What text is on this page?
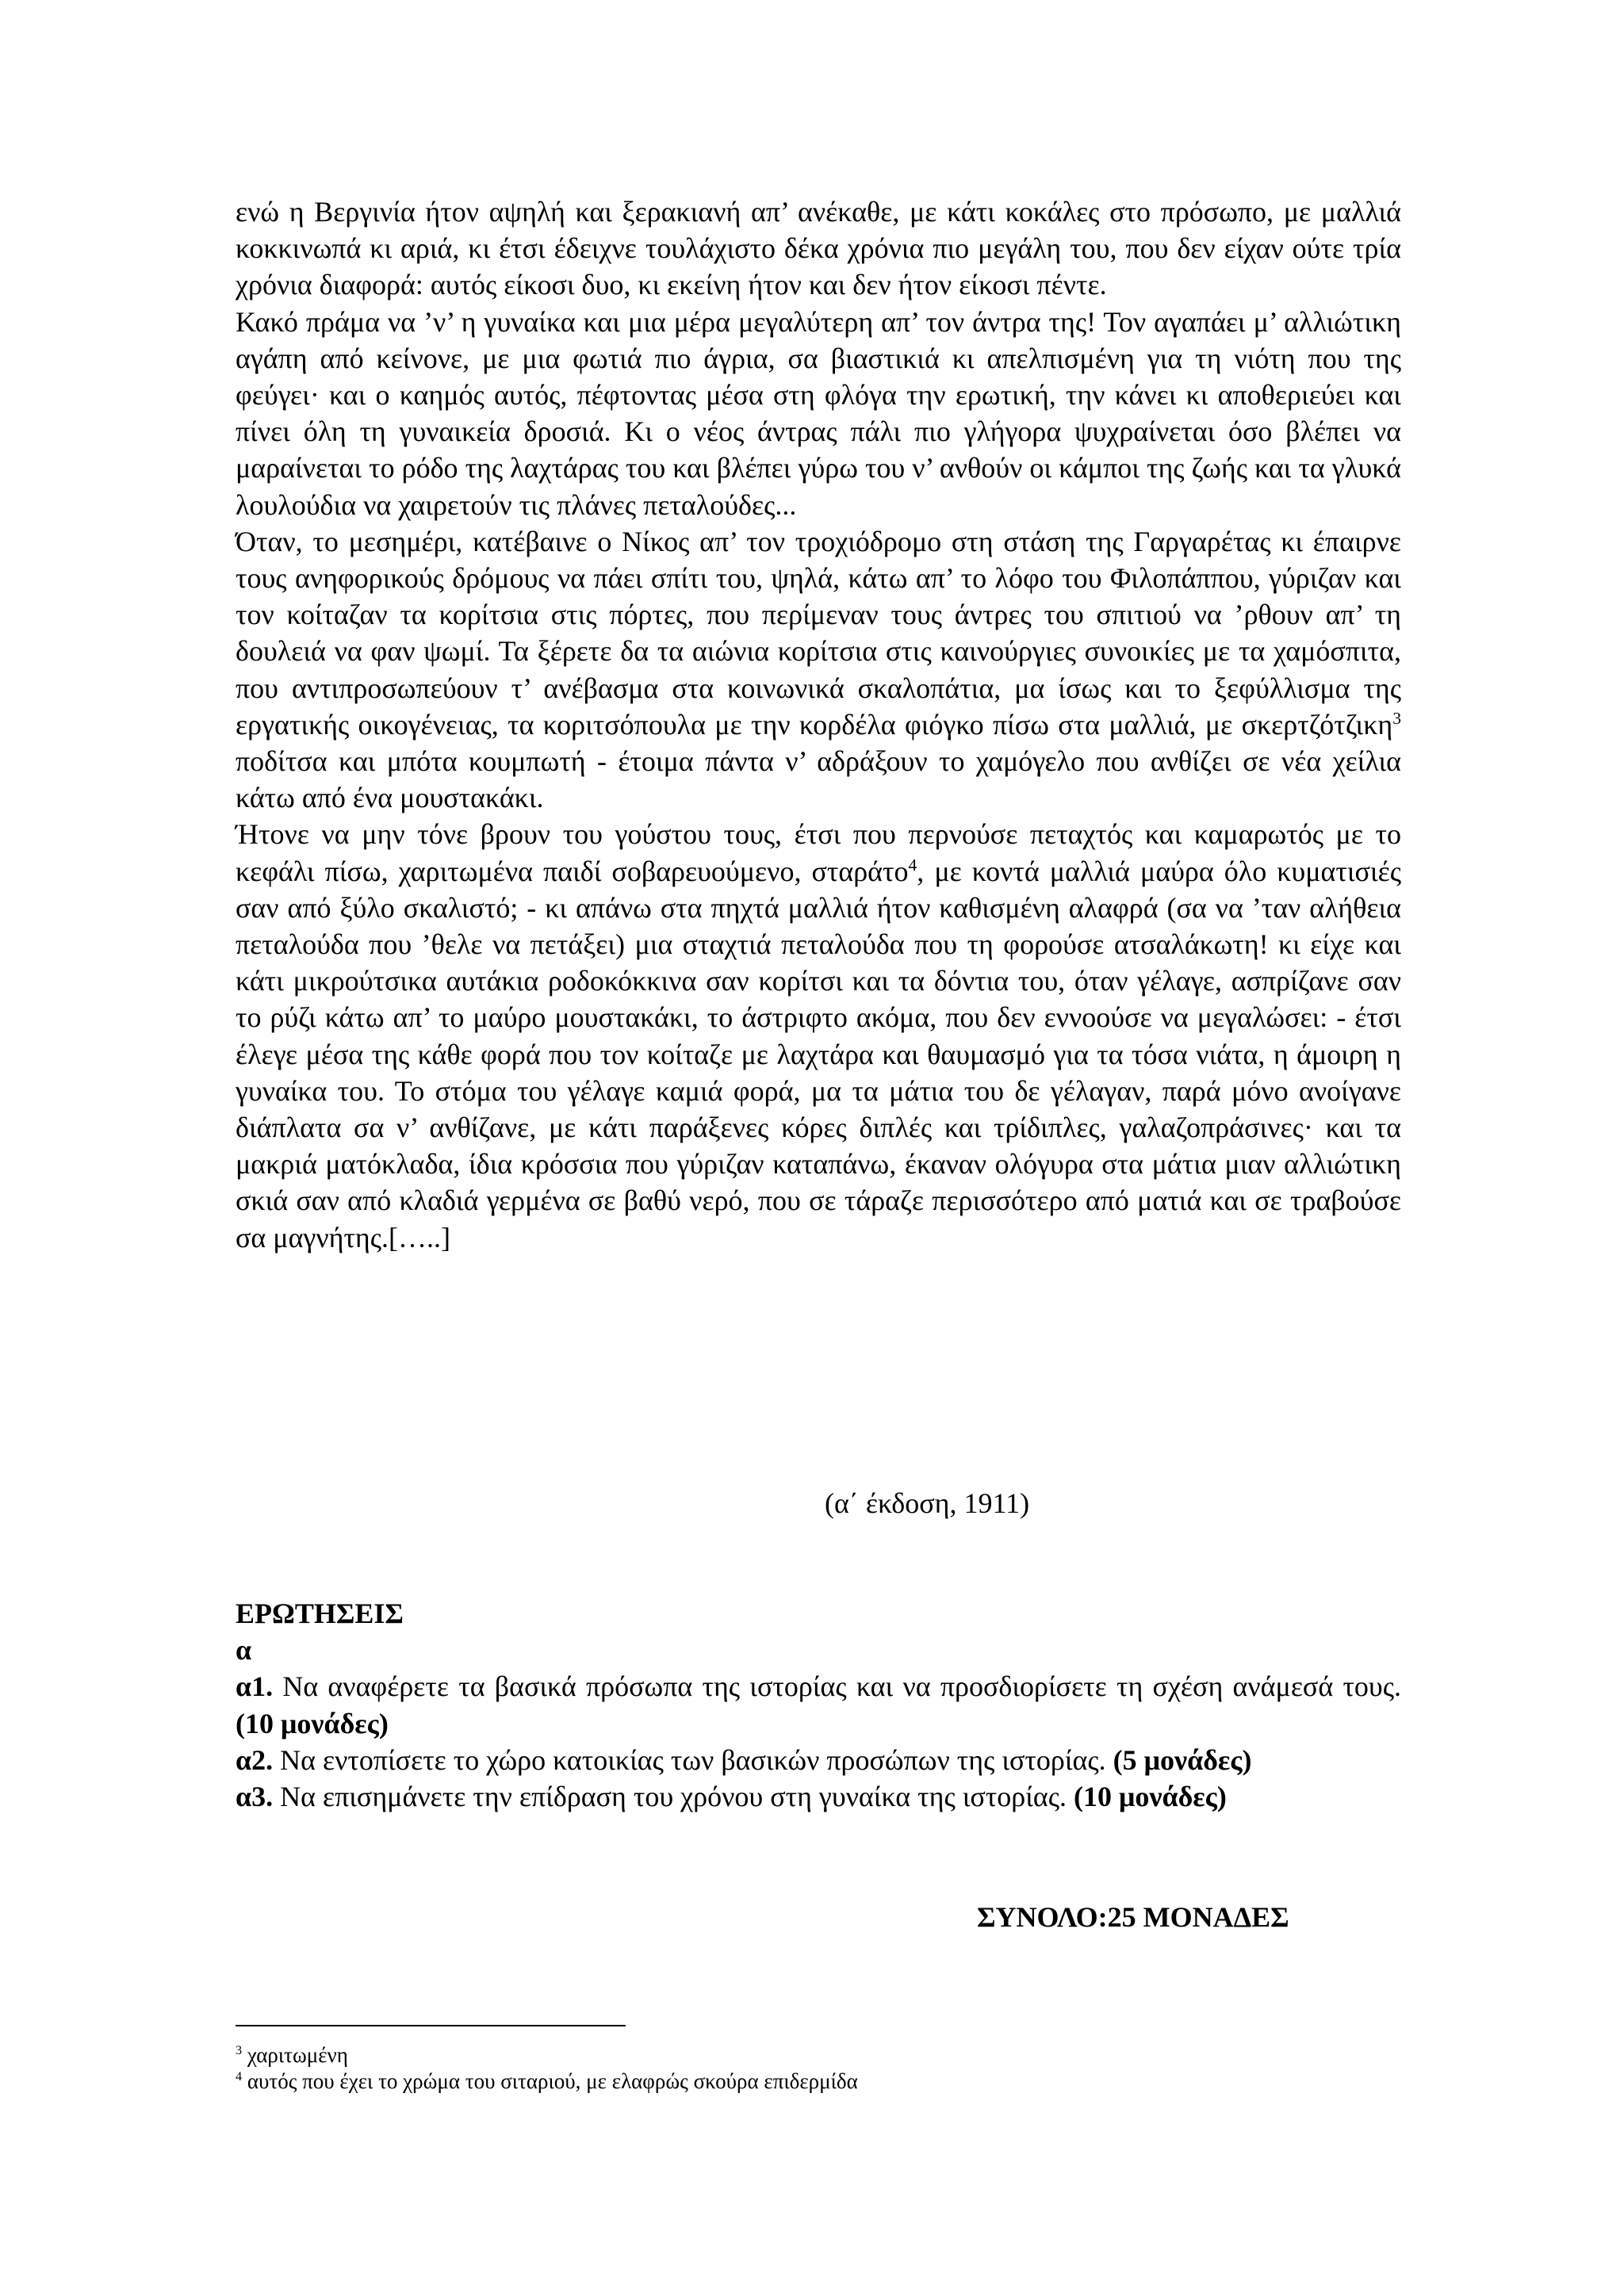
ενώ η Βεργινία ήτον αψηλή και ξερακιανή απ’ ανέκαθε, με κάτι κοκάλες στο πρόσωπο, με μαλλιά κοκκινωπά κι αριά, κι έτσι έδειχνε τουλάχιστο δέκα χρόνια πιο μεγάλη του, που δεν είχαν ούτε τρία χρόνια διαφορά: αυτός είκοσι δυο, κι εκείνη ήτον και δεν ήτον είκοσι πέντε.

Κακό πράμα να ’ν’ η γυναίκα και μια μέρα μεγαλύτερη απ’ τον άντρα της! Τον αγαπάει μ’ αλλιώτικη αγάπη από κείνονε, με μια φωτιά πιο άγρια, σα βιαστικιά κι απελπισμένη για τη νιότη που της φεύγει· και ο καημός αυτός, πέφτοντας μέσα στη φλόγα την ερωτική, την κάνει κι αποθεριεύει και πίνει όλη τη γυναικεία δροσιά. Κι ο νέος άντρας πάλι πιο γλήγορα ψυχραίνεται όσο βλέπει να μαραίνεται το ρόδο της λαχτάρας του και βλέπει γύρω του ν’ ανθούν οι κάμποι της ζωής και τα γλυκά λουλούδια να χαιρετούν τις πλάνες πεταλούδες...

Όταν, το μεσημέρι, κατέβαινε ο Νίκος απ’ τον τροχιόδρομο στη στάση της Γαργαρέτας κι έπαιρνε τους ανηφορικούς δρόμους να πάει σπίτι του, ψηλά, κάτω απ’ το λόφο του Φιλοπάππου, γύριζαν και τον κοίταζαν τα κορίτσια στις πόρτες, που περίμεναν τους άντρες του σπιτιού να ’ρθουν απ’ τη δουλειά να φαν ψωμί. Τα ξέρετε δα τα αιώνια κορίτσια στις καινούργιες συνοικίες με τα χαμόσπιτα, που αντιπροσωπεύουν τ’ ανέβασμα στα κοινωνικά σκαλοπάτια, μα ίσως και το ξεφύλλισμα της εργατικής οικογένειας, τα κοριτσόπουλα με την κορδέλα φιόγκο πίσω στα μαλλιά, με σκερτζότζικη$^3$ ποδίτσα και μπότα κουμπωτή - έτοιμα πάντα ν’ αδράξουν το χαμόγελο που ανθίζει σε νέα χείλια κάτω από ένα μουστακάκι.

Ήτονε να μην τόνε βρουν του γούστου τους, έτσι που περνούσε πεταχτός και καμαρωτός με το κεφάλι πίσω, χαριτωμένα παιδί σοβαρευούμενο, σταράτο$^4$, με κοντά μαλλιά μαύρα όλο κυματισιές σαν από ξύλο σκαλιστό; - κι απάνω στα πηχτά μαλλιά ήτον καθισμένη αλαφρά (σα να ’ταν αλήθεια πεταλούδα που ’θελε να πετάξει) μια σταχτιά πεταλούδα που τη φορούσε ατσαλάκωτη! κι είχε και κάτι μικρούτσικα αυτάκια ροδοκόκκινα σαν κορίτσι και τα δόντια του, όταν γέλαγε, ασπρίζανε σαν το ρύζι κάτω απ’ το μαύρο μουστακάκι, το άστριφτο ακόμα, που δεν εννοούσε να μεγαλώσει: - έτσι έλεγε μέσα της κάθε φορά που τον κοίταζε με λαχτάρα και θαυμασμό για τα τόσα νιάτα, η άμοιρη η γυναίκα του. Το στόμα του γέλαγε καμιά φορά, μα τα μάτια του δε γέλαγαν, παρά μόνο ανοίγανε διάπλατα σα ν’ ανθίζανε, με κάτι παράξενες κόρες διπλές και τρίδιπλες, γαλαζοπράσινες· και τα μακριά ματόκλαδα, ίδια κρόσσια που γύριζαν καταπάνω, έκαναν ολόγυρα στα μάτια μιαν αλλιώτικη σκιά σαν από κλαδιά γερμένα σε βαθύ νερό, που σε τάραζε περισσότερο από ματιά και σε τραβούσε σα μαγνήτης.[…..]

(α΄ έκδοση, 1911)

ΕΡΩΤΗΣΕΙΣ

α

α1. Να αναφέρετε τα βασικά πρόσωπα της ιστορίας και να προσδιορίσετε τη σχέση ανάμεσά τους. (10 μονάδες)

α2. Να εντοπίσετε το χώρο κατοικίας των βασικών προσώπων της ιστορίας. (5 μονάδες)

α3. Να επισημάνετε την επίδραση του χρόνου στη γυναίκα της ιστορίας. (10 μονάδες)

ΣΥΝΟΛΟ:25 ΜΟΝΑΔΕΣ

$^3$ χαριτωμένη

$^4$ αυτός που έχει το χρώμα του σιταριού, με ελαφρώς σκούρα επιδερμίδα
